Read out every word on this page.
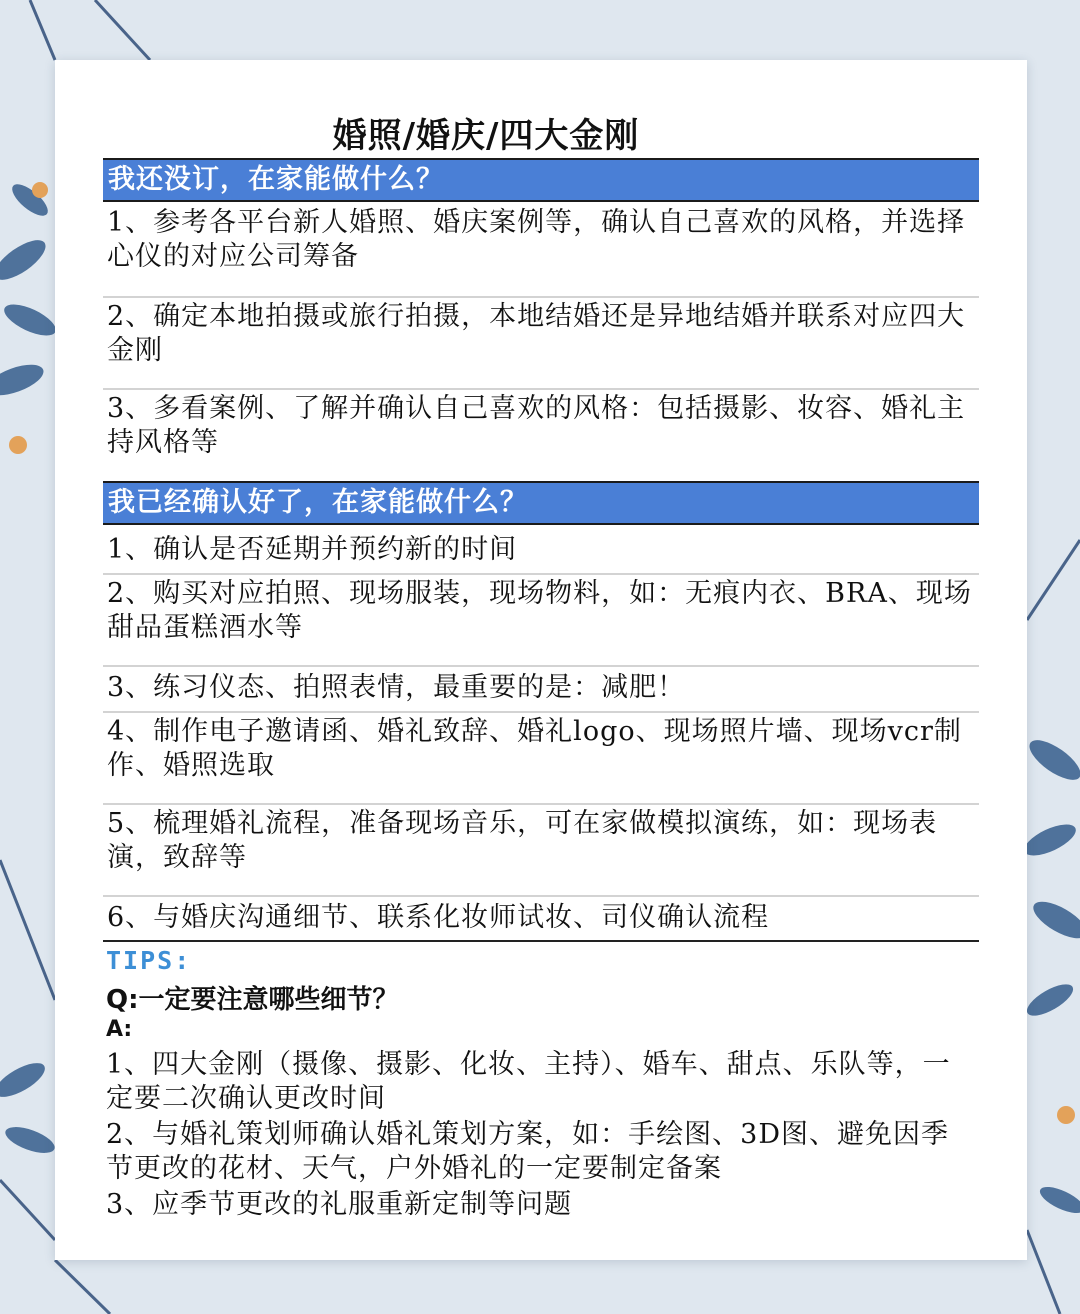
婚照/婚庆/四大金刚
我还没订，在家能做什么？
1、参考各平台新人婚照、婚庆案例等，确认自己喜欢的风格，并选择心仪的对应公司筹备
2、确定本地拍摄或旅行拍摄，本地结婚还是异地结婚并联系对应四大金刚
3、多看案例、了解并确认自己喜欢的风格：包括摄影、妆容、婚礼主持风格等
我已经确认好了，在家能做什么？
1、确认是否延期并预约新的时间
2、购买对应拍照、现场服装，现场物料，如：无痕内衣、BRA、现场甜品蛋糕酒水等
3、练习仪态、拍照表情，最重要的是：减肥！
4、制作电子邀请函、婚礼致辞、婚礼logo、现场照片墙、现场vcr制作、婚照选取
5、梳理婚礼流程，准备现场音乐，可在家做模拟演练，如：现场表演，致辞等
6、与婚庆沟通细节、联系化妆师试妆、司仪确认流程
TIPS:
Q:一定要注意哪些细节？
A:
1、四大金刚（摄像、摄影、化妆、主持）、婚车、甜点、乐队等，一定要二次确认更改时间
2、与婚礼策划师确认婚礼策划方案，如：手绘图、3D图、避免因季节更改的花材、天气，户外婚礼的一定要制定备案
3、应季节更改的礼服重新定制等问题
